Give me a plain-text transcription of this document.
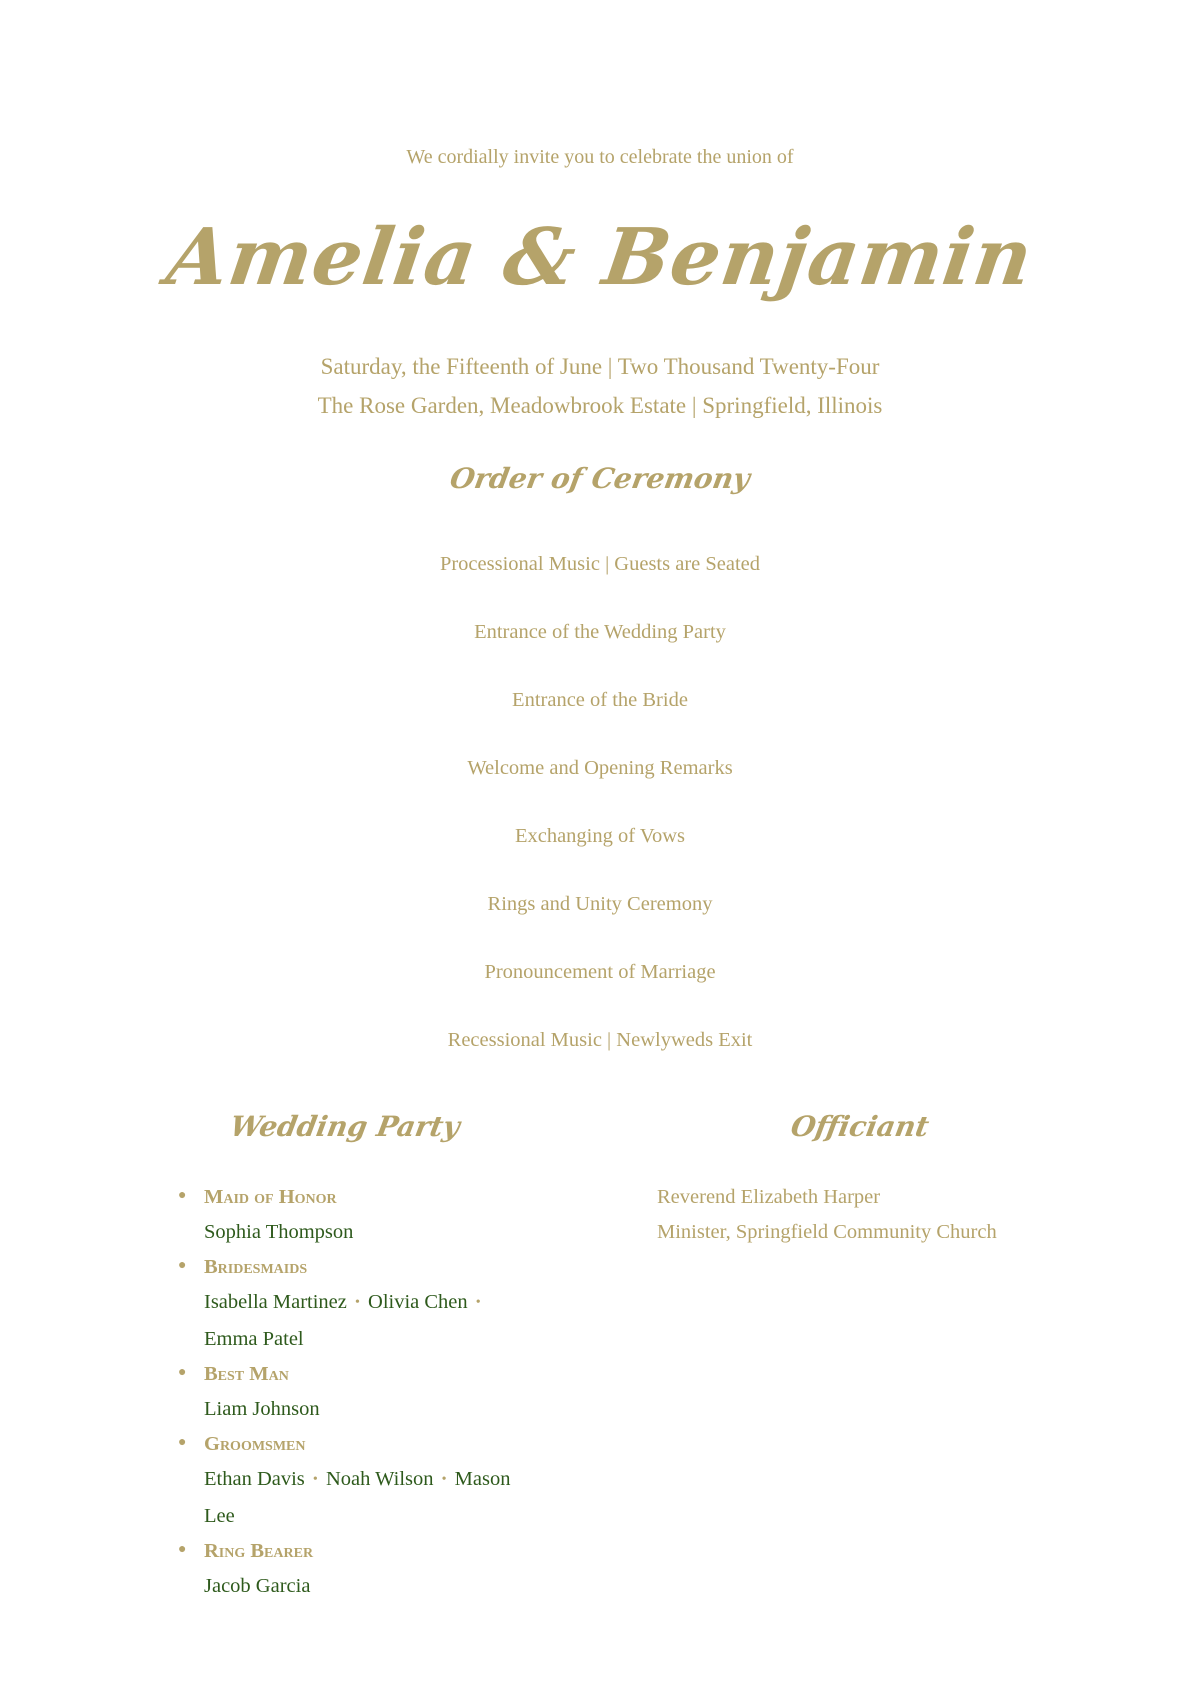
We cordially invite you to celebrate the union of
Amelia & Benjamin
Saturday, the Fifteenth of June | Two Thousand Twenty-Four
The Rose Garden, Meadowbrook Estate | Springfield, Illinois
Order of Ceremony
Processional Music | Guests are Seated
Entrance of the Wedding Party
Entrance of the Bride
Welcome and Opening Remarks
Exchanging of Vows
Rings and Unity Ceremony
Pronouncement of Marriage
Recessional Music | Newlyweds Exit
Wedding Party	Officiant
● Maid of Honor
Sophia Thompson
● Bridesmaids
Isabella Martinez • Olivia Chen • Emma Patel
● Best Man
Liam Johnson
● Groomsmen
Ethan Davis • Noah Wilson • Mason Lee
● Ring Bearer
Jacob Garcia
Reverend Elizabeth Harper
Minister, Springfield Community Church
